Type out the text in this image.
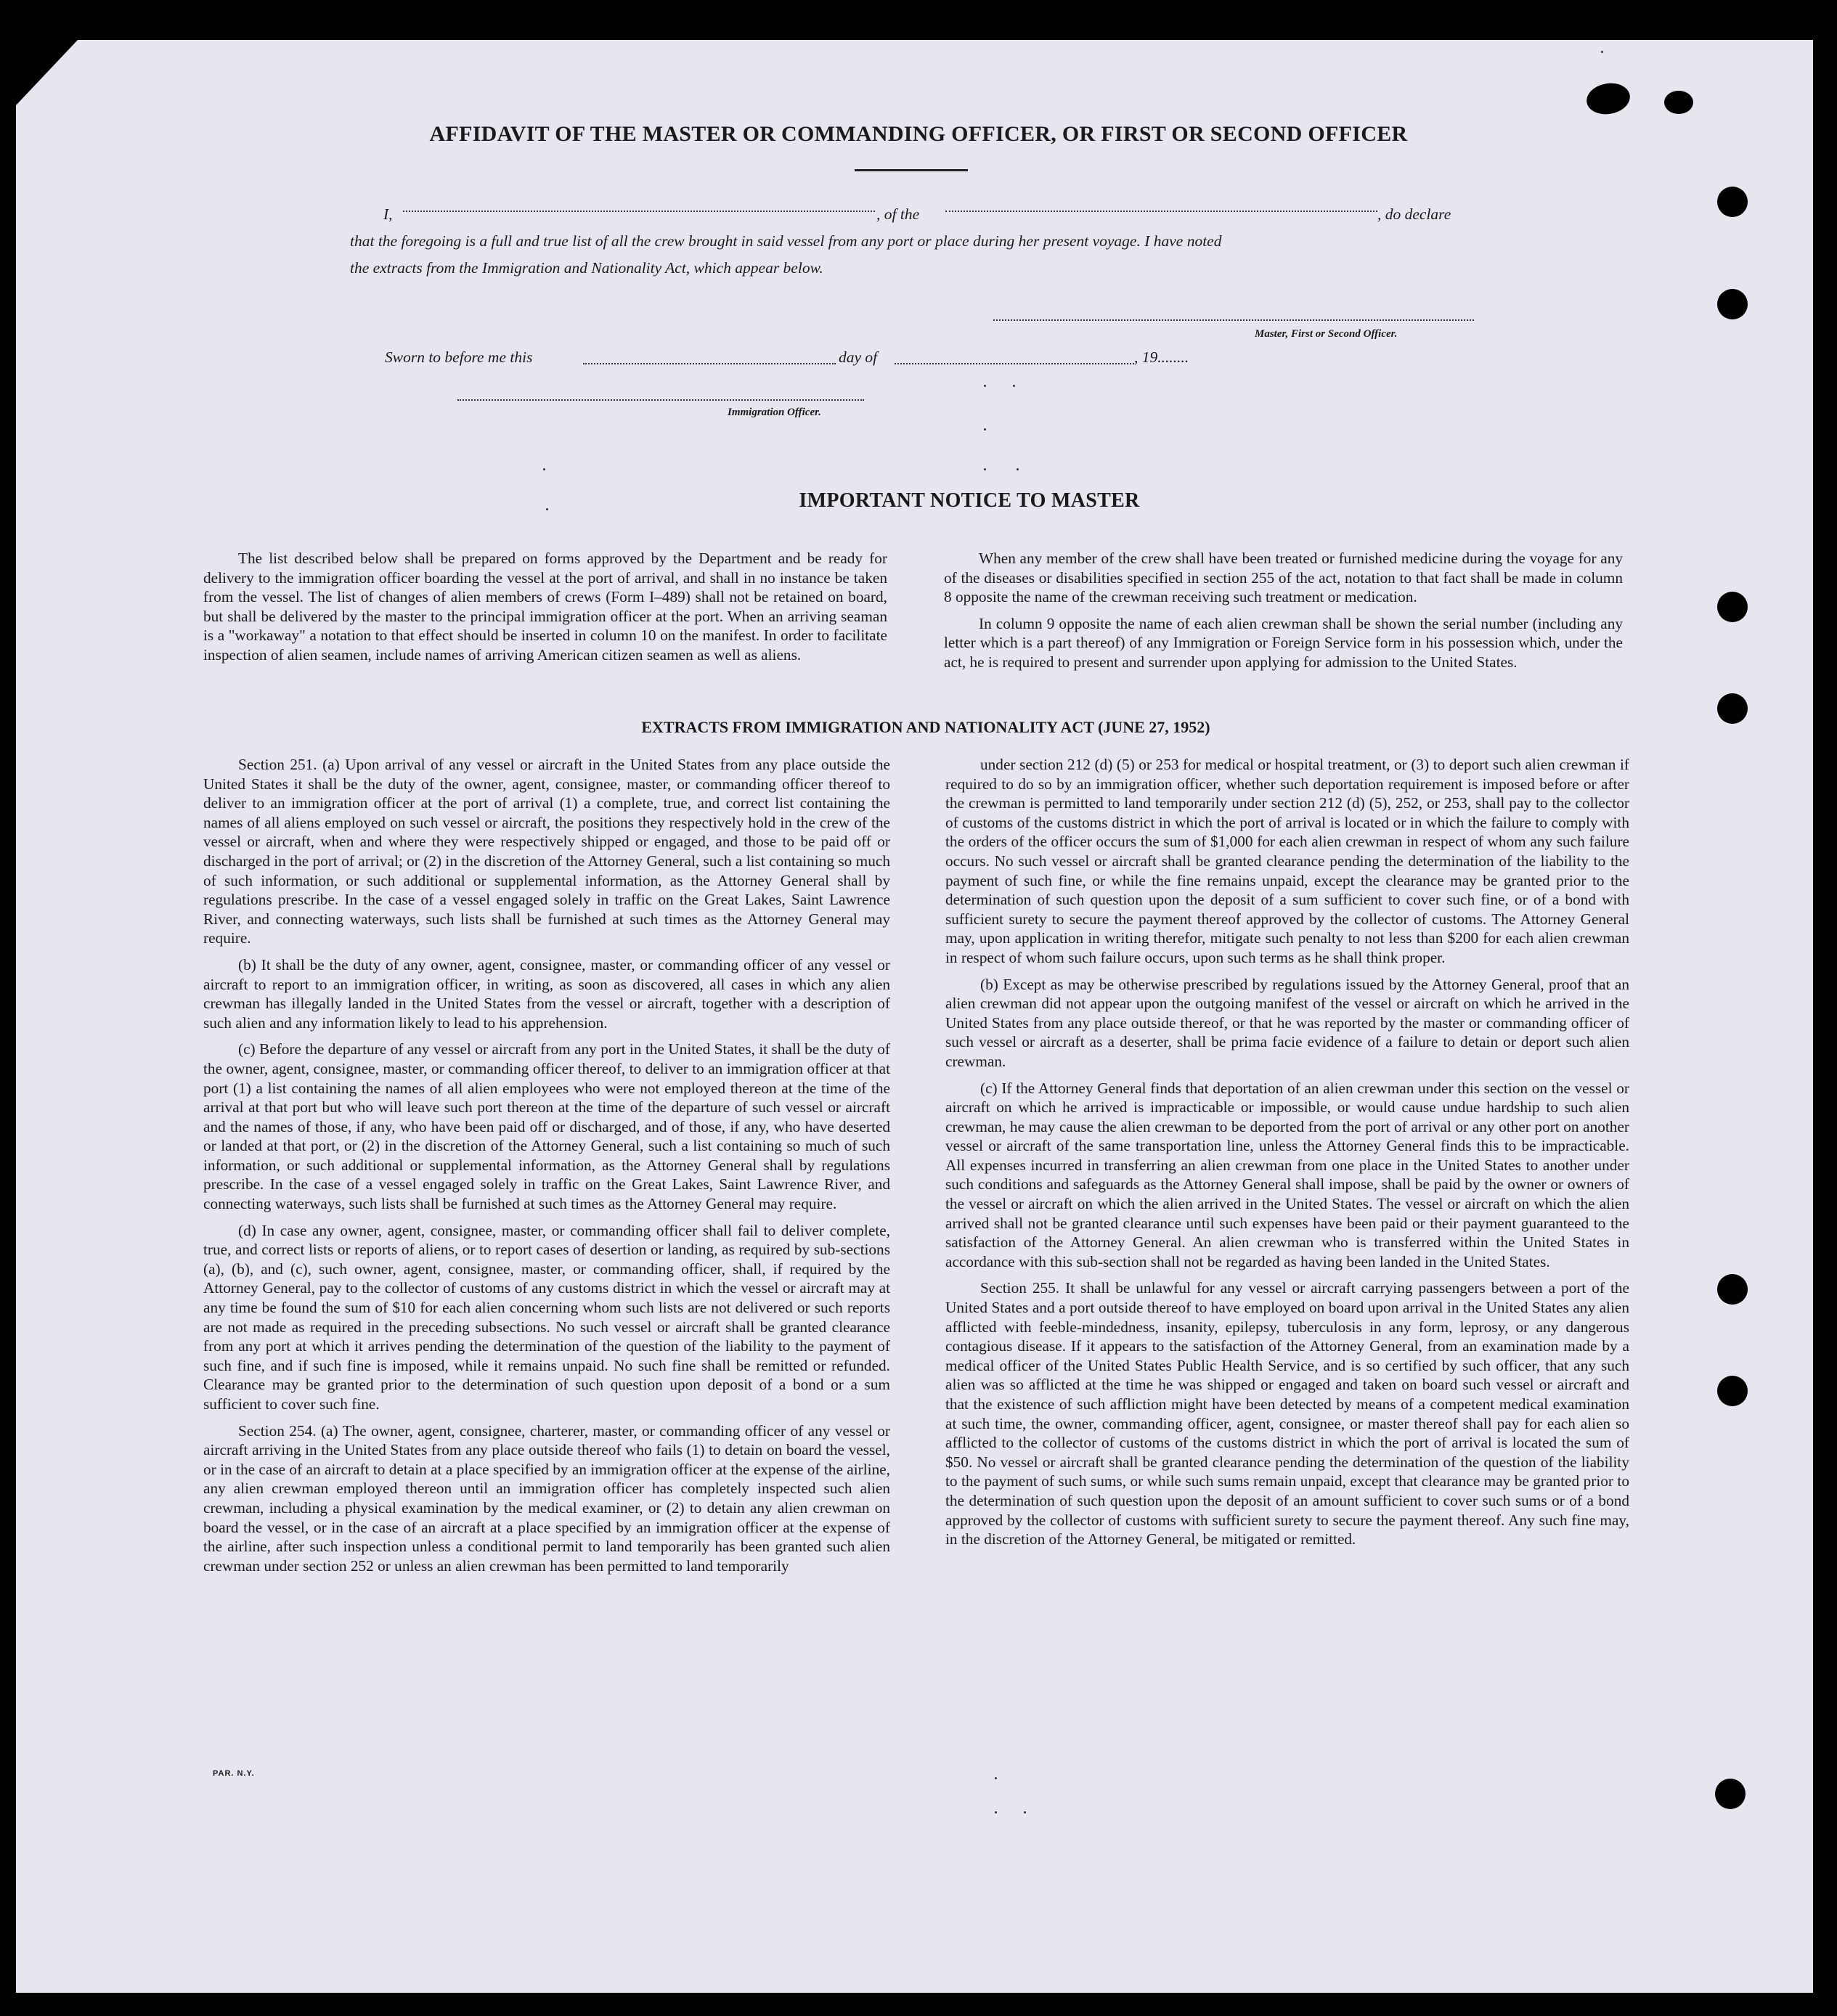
AFFIDAVIT OF THE MASTER OR COMMANDING OFFICER, OR FIRST OR SECOND OFFICER
I,	, of the	, do declare
that the foregoing is a full and true list of all the crew brought in said vessel from any port or place during her present voyage. I have noted
the extracts from the Immigration and Nationality Act, which appear below.
Master, First or Second Officer.
Sworn to before me this	day of	, 19........
Immigration Officer.
IMPORTANT NOTICE TO MASTER

The list described below shall be prepared on forms approved by the Department and be ready for delivery to the immigration officer boarding the vessel at the port of arrival, and shall in no instance be taken from the vessel. The list of changes of alien members of crews (Form I–489) shall not be retained on board, but shall be delivered by the master to the principal immigration officer at the port. When an arriving seaman is a "workaway" a notation to that effect should be inserted in column 10 on the manifest. In order to facilitate inspection of alien seamen, include names of arriving American citizen seamen as well as aliens.

When any member of the crew shall have been treated or furnished medicine during the voyage for any of the diseases or disabilities specified in section 255 of the act, notation to that fact shall be made in column 8 opposite the name of the crewman receiving such treatment or medication.

In column 9 opposite the name of each alien crewman shall be shown the serial number (including any letter which is a part thereof) of any Immigration or Foreign Service form in his possession which, under the act, he is required to present and surrender upon applying for admission to the United States.

EXTRACTS FROM IMMIGRATION AND NATIONALITY ACT (JUNE 27, 1952)

Section 251. (a) Upon arrival of any vessel or aircraft in the United States from any place outside the United States it shall be the duty of the owner, agent, consignee, master, or commanding officer thereof to deliver to an immigration officer at the port of arrival (1) a complete, true, and correct list containing the names of all aliens employed on such vessel or aircraft, the positions they respectively hold in the crew of the vessel or aircraft, when and where they were respectively shipped or engaged, and those to be paid off or discharged in the port of arrival; or (2) in the discretion of the Attorney General, such a list containing so much of such information, or such additional or supplemental information, as the Attorney General shall by regulations prescribe. In the case of a vessel engaged solely in traffic on the Great Lakes, Saint Lawrence River, and connecting waterways, such lists shall be furnished at such times as the Attorney General may require.

(b) It shall be the duty of any owner, agent, consignee, master, or commanding officer of any vessel or aircraft to report to an immigration officer, in writing, as soon as discovered, all cases in which any alien crewman has illegally landed in the United States from the vessel or aircraft, together with a description of such alien and any information likely to lead to his apprehension.

(c) Before the departure of any vessel or aircraft from any port in the United States, it shall be the duty of the owner, agent, consignee, master, or commanding officer thereof, to deliver to an immigration officer at that port (1) a list containing the names of all alien employees who were not employed thereon at the time of the arrival at that port but who will leave such port thereon at the time of the departure of such vessel or aircraft and the names of those, if any, who have been paid off or discharged, and of those, if any, who have deserted or landed at that port, or (2) in the discretion of the Attorney General, such a list containing so much of such information, or such additional or supplemental information, as the Attorney General shall by regulations prescribe. In the case of a vessel engaged solely in traffic on the Great Lakes, Saint Lawrence River, and connecting waterways, such lists shall be furnished at such times as the Attorney General may require.

(d) In case any owner, agent, consignee, master, or commanding officer shall fail to deliver complete, true, and correct lists or reports of aliens, or to report cases of desertion or landing, as required by sub-sections (a), (b), and (c), such owner, agent, consignee, master, or commanding officer, shall, if required by the Attorney General, pay to the collector of customs of any customs district in which the vessel or aircraft may at any time be found the sum of $10 for each alien concerning whom such lists are not delivered or such reports are not made as required in the preceding subsections. No such vessel or aircraft shall be granted clearance from any port at which it arrives pending the determination of the question of the liability to the payment of such fine, and if such fine is imposed, while it remains unpaid. No such fine shall be remitted or refunded. Clearance may be granted prior to the determination of such question upon deposit of a bond or a sum sufficient to cover such fine.

Section 254. (a) The owner, agent, consignee, charterer, master, or commanding officer of any vessel or aircraft arriving in the United States from any place outside thereof who fails (1) to detain on board the vessel, or in the case of an aircraft to detain at a place specified by an immigration officer at the expense of the airline, any alien crewman employed thereon until an immigration officer has completely inspected such alien crewman, including a physical examination by the medical examiner, or (2) to detain any alien crewman on board the vessel, or in the case of an aircraft at a place specified by an immigration officer at the expense of the airline, after such inspection unless a conditional permit to land temporarily has been granted such alien crewman under section 252 or unless an alien crewman has been permitted to land temporarily

under section 212 (d) (5) or 253 for medical or hospital treatment, or (3) to deport such alien crewman if required to do so by an immigration officer, whether such deportation requirement is imposed before or after the crewman is permitted to land temporarily under section 212 (d) (5), 252, or 253, shall pay to the collector of customs of the customs district in which the port of arrival is located or in which the failure to comply with the orders of the officer occurs the sum of $1,000 for each alien crewman in respect of whom any such failure occurs. No such vessel or aircraft shall be granted clearance pending the determination of the liability to the payment of such fine, or while the fine remains unpaid, except the clearance may be granted prior to the determination of such question upon the deposit of a sum sufficient to cover such fine, or of a bond with sufficient surety to secure the payment thereof approved by the collector of customs. The Attorney General may, upon application in writing therefor, mitigate such penalty to not less than $200 for each alien crewman in respect of whom such failure occurs, upon such terms as he shall think proper.

(b) Except as may be otherwise prescribed by regulations issued by the Attorney General, proof that an alien crewman did not appear upon the outgoing manifest of the vessel or aircraft on which he arrived in the United States from any place outside thereof, or that he was reported by the master or commanding officer of such vessel or aircraft as a deserter, shall be prima facie evidence of a failure to detain or deport such alien crewman.

(c) If the Attorney General finds that deportation of an alien crewman under this section on the vessel or aircraft on which he arrived is impracticable or impossible, or would cause undue hardship to such alien crewman, he may cause the alien crewman to be deported from the port of arrival or any other port on another vessel or aircraft of the same transportation line, unless the Attorney General finds this to be impracticable. All expenses incurred in transferring an alien crewman from one place in the United States to another under such conditions and safeguards as the Attorney General shall impose, shall be paid by the owner or owners of the vessel or aircraft on which the alien arrived in the United States. The vessel or aircraft on which the alien arrived shall not be granted clearance until such expenses have been paid or their payment guaranteed to the satisfaction of the Attorney General. An alien crewman who is transferred within the United States in accordance with this sub-section shall not be regarded as having been landed in the United States.

Section 255. It shall be unlawful for any vessel or aircraft carrying passengers between a port of the United States and a port outside thereof to have employed on board upon arrival in the United States any alien afflicted with feeble-mindedness, insanity, epilepsy, tuberculosis in any form, leprosy, or any dangerous contagious disease. If it appears to the satisfaction of the Attorney General, from an examination made by a medical officer of the United States Public Health Service, and is so certified by such officer, that any such alien was so afflicted at the time he was shipped or engaged and taken on board such vessel or aircraft and that the existence of such affliction might have been detected by means of a competent medical examination at such time, the owner, commanding officer, agent, consignee, or master thereof shall pay for each alien so afflicted to the collector of customs of the customs district in which the port of arrival is located the sum of $50. No vessel or aircraft shall be granted clearance pending the determination of the question of the liability to the payment of such sums, or while such sums remain unpaid, except that clearance may be granted prior to the determination of such question upon the deposit of an amount sufficient to cover such sums or of a bond approved by the collector of customs with sufficient surety to secure the payment thereof. Any such fine may, in the discretion of the Attorney General, be mitigated or remitted.

PAR. N.Y.
